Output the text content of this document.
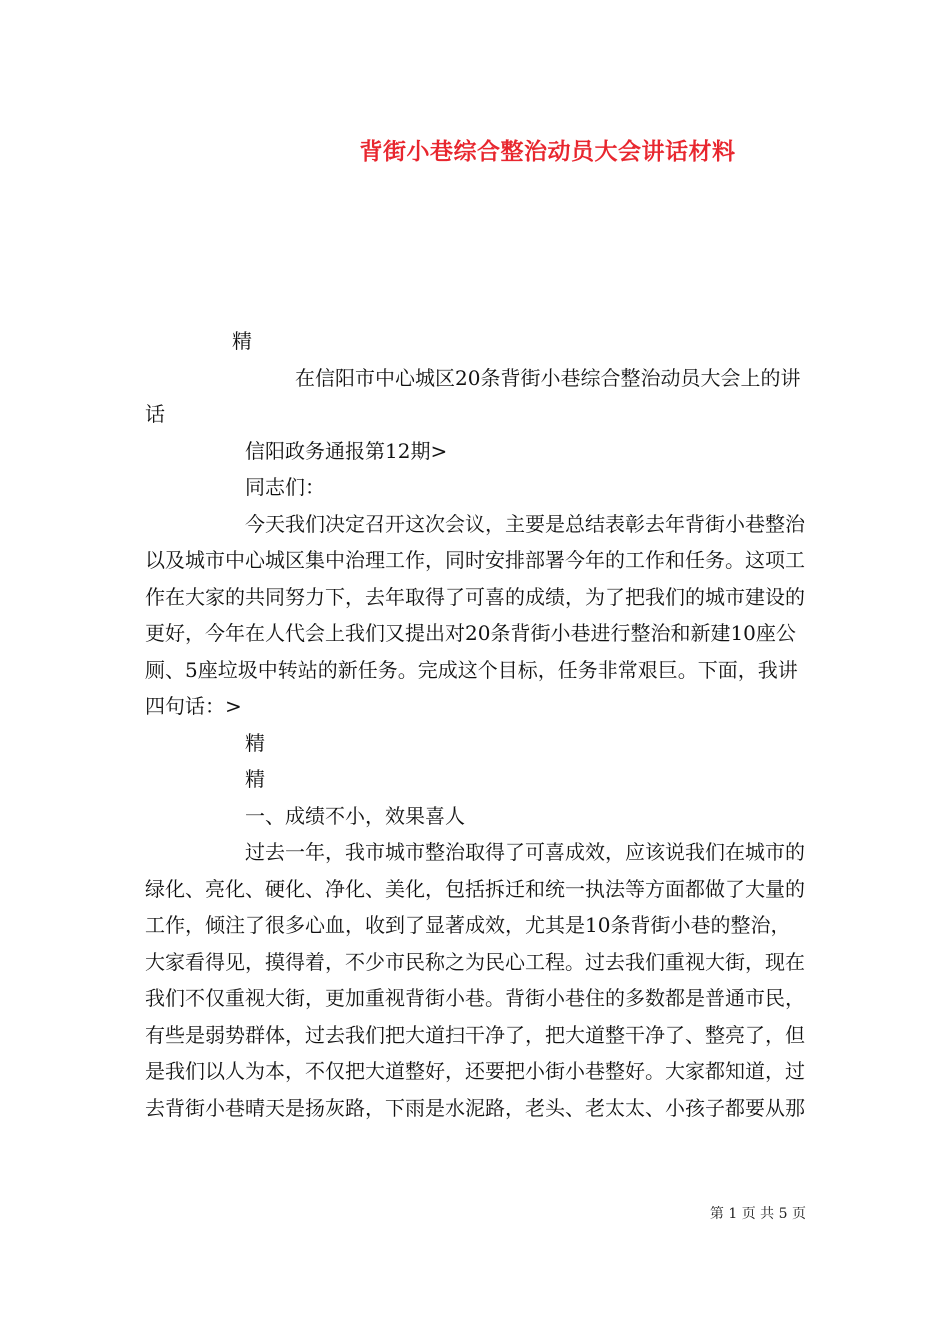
背街小巷综合整治动员大会讲话材料

精

在信阳市中心城区20条背街小巷综合整治动员大会上的讲话

信阳政务通报第12期>

同志们：

今天我们决定召开这次会议，主要是总结表彰去年背街小巷整治以及城市中心城区集中治理工作，同时安排部署今年的工作和任务。这项工作在大家的共同努力下，去年取得了可喜的成绩，为了把我们的城市建设的更好，今年在人代会上我们又提出对20条背街小巷进行整治和新建10座公厕、5座垃圾中转站的新任务。完成这个目标，任务非常艰巨。下面，我讲四句话：>

精

精

一、成绩不小，效果喜人

过去一年，我市城市整治取得了可喜成效，应该说我们在城市的绿化、亮化、硬化、净化、美化，包括拆迁和统一执法等方面都做了大量的工作，倾注了很多心血，收到了显著成效，尤其是10条背街小巷的整治，大家看得见，摸得着，不少市民称之为民心工程。过去我们重视大街，现在我们不仅重视大街，更加重视背街小巷。背街小巷住的多数都是普通市民，有些是弱势群体，过去我们把大道扫干净了，把大道整干净了、整亮了，但是我们以人为本，不仅把大道整好，还要把小街小巷整好。大家都知道，过去背街小巷晴天是扬灰路，下雨是水泥路，老头、老太太、小孩子都要从那

第 1 页 共 5 页
